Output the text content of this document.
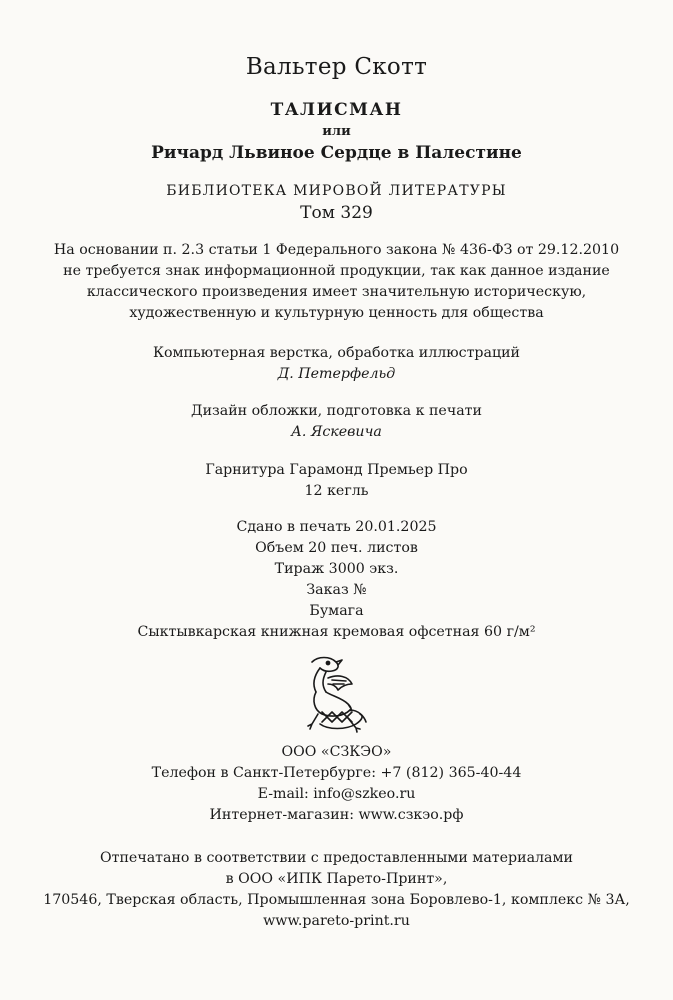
Вальтер Скотт
ТАЛИСМАН
или
Ричард Львиное Сердце в Палестине
БИБЛИОТЕКА МИРОВОЙ ЛИТЕРАТУРЫ
Том 329
На основании п. 2.3 статьи 1 Федерального закона № 436-ФЗ от 29.12.2010
не требуется знак информационной продукции, так как данное издание
классического произведения имеет значительную историческую,
художественную и культурную ценность для общества
Компьютерная верстка, обработка иллюстраций
Д. Петерфельд
Дизайн обложки, подготовка к печати
А. Яскевича
Гарнитура Гарамонд Премьер Про
12 кегль
Сдано в печать 20.01.2025
Объем 20 печ. листов
Тираж 3000 экз.
Заказ №
Бумага
Сыктывкарская книжная кремовая офсетная 60 г/м²
ООО «СЗКЭО»
Телефон в Санкт-Петербурге: +7 (812) 365-40-44
E-mail: info@szkeo.ru
Интернет-магазин: www.сзкэо.рф
Отпечатано в соответствии с предоставленными материалами
в ООО «ИПК Парето-Принт»,
170546, Тверская область, Промышленная зона Боровлево-1, комплекс № 3А,
www.pareto-print.ru
